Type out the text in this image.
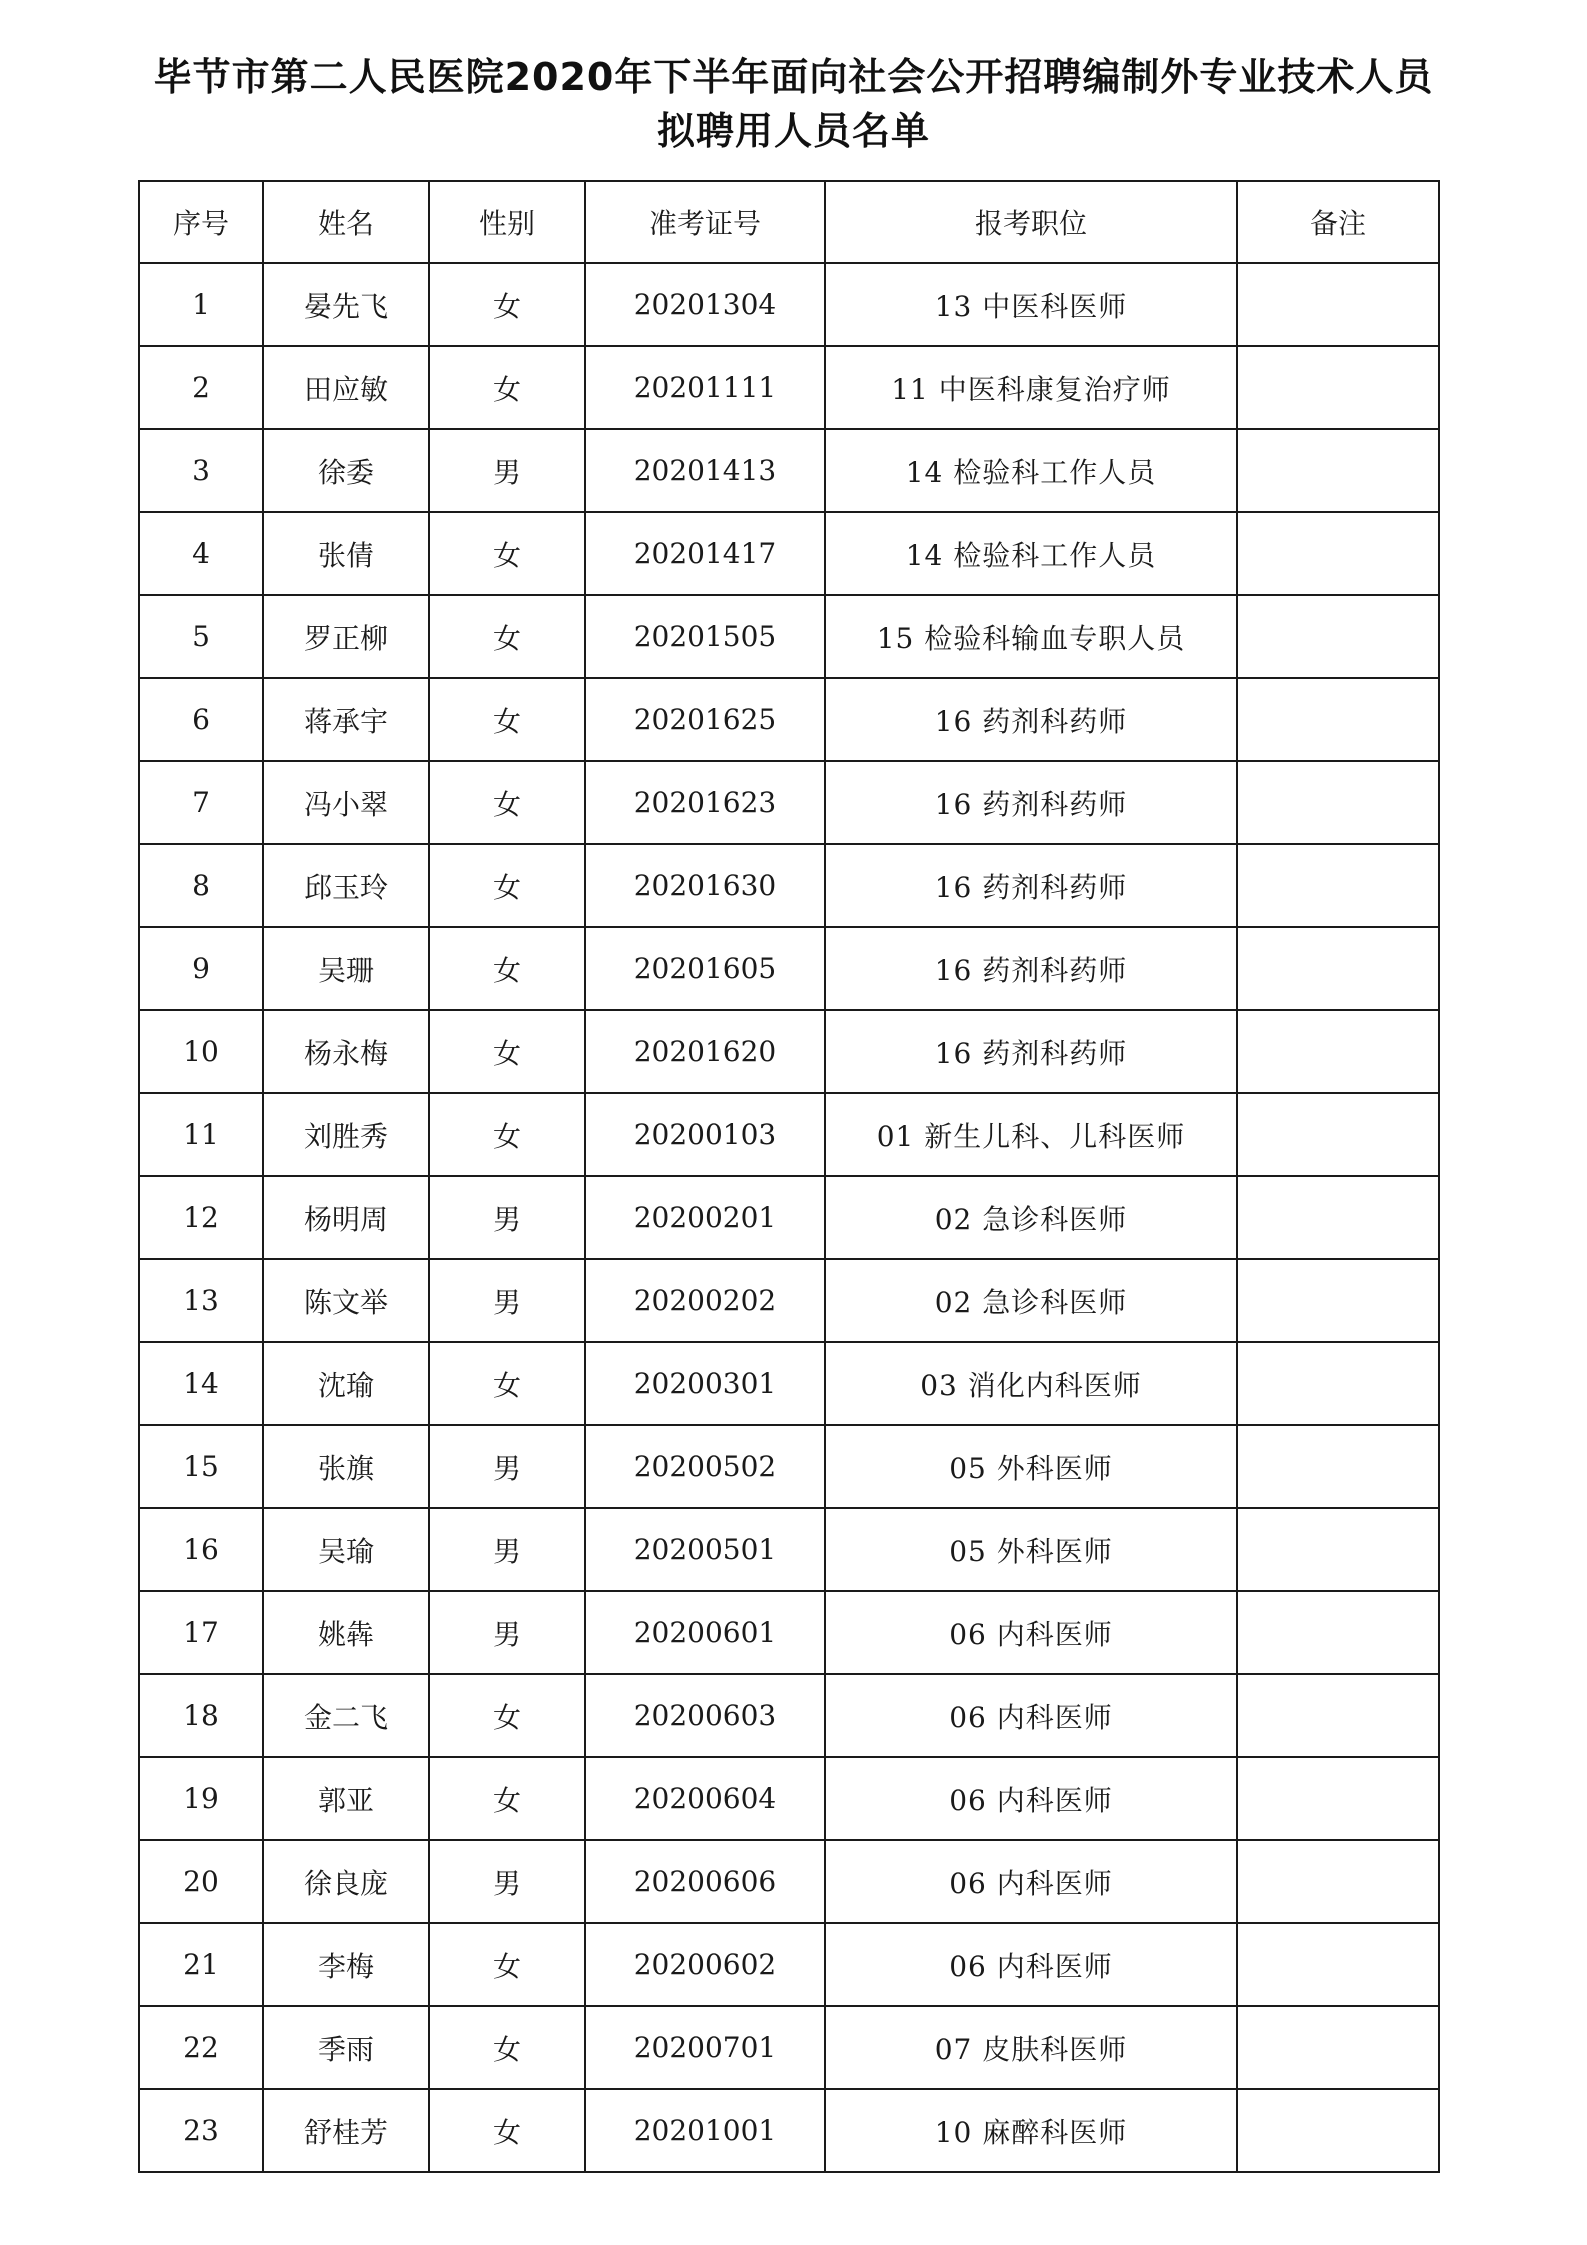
毕节市第二人民医院2020年下半年面向社会公开招聘编制外专业技术人员
拟聘用人员名单
序号	姓名	性别	准考证号	报考职位	备注
1	晏先飞	女	20201304	13 中医科医师	
2	田应敏	女	20201111	11 中医科康复治疗师	
3	徐委	男	20201413	14 检验科工作人员	
4	张倩	女	20201417	14 检验科工作人员	
5	罗正柳	女	20201505	15 检验科输血专职人员	
6	蒋承宇	女	20201625	16 药剂科药师	
7	冯小翠	女	20201623	16 药剂科药师	
8	邱玉玲	女	20201630	16 药剂科药师	
9	吴珊	女	20201605	16 药剂科药师	
10	杨永梅	女	20201620	16 药剂科药师	
11	刘胜秀	女	20200103	01 新生儿科、儿科医师	
12	杨明周	男	20200201	02 急诊科医师	
13	陈文举	男	20200202	02 急诊科医师	
14	沈瑜	女	20200301	03 消化内科医师	
15	张旗	男	20200502	05 外科医师	
16	吴瑜	男	20200501	05 外科医师	
17	姚犇	男	20200601	06 内科医师	
18	金二飞	女	20200603	06 内科医师	
19	郭亚	女	20200604	06 内科医师	
20	徐良庞	男	20200606	06 内科医师	
21	李梅	女	20200602	06 内科医师	
22	季雨	女	20200701	07 皮肤科医师	
23	舒桂芳	女	20201001	10 麻醉科医师	
